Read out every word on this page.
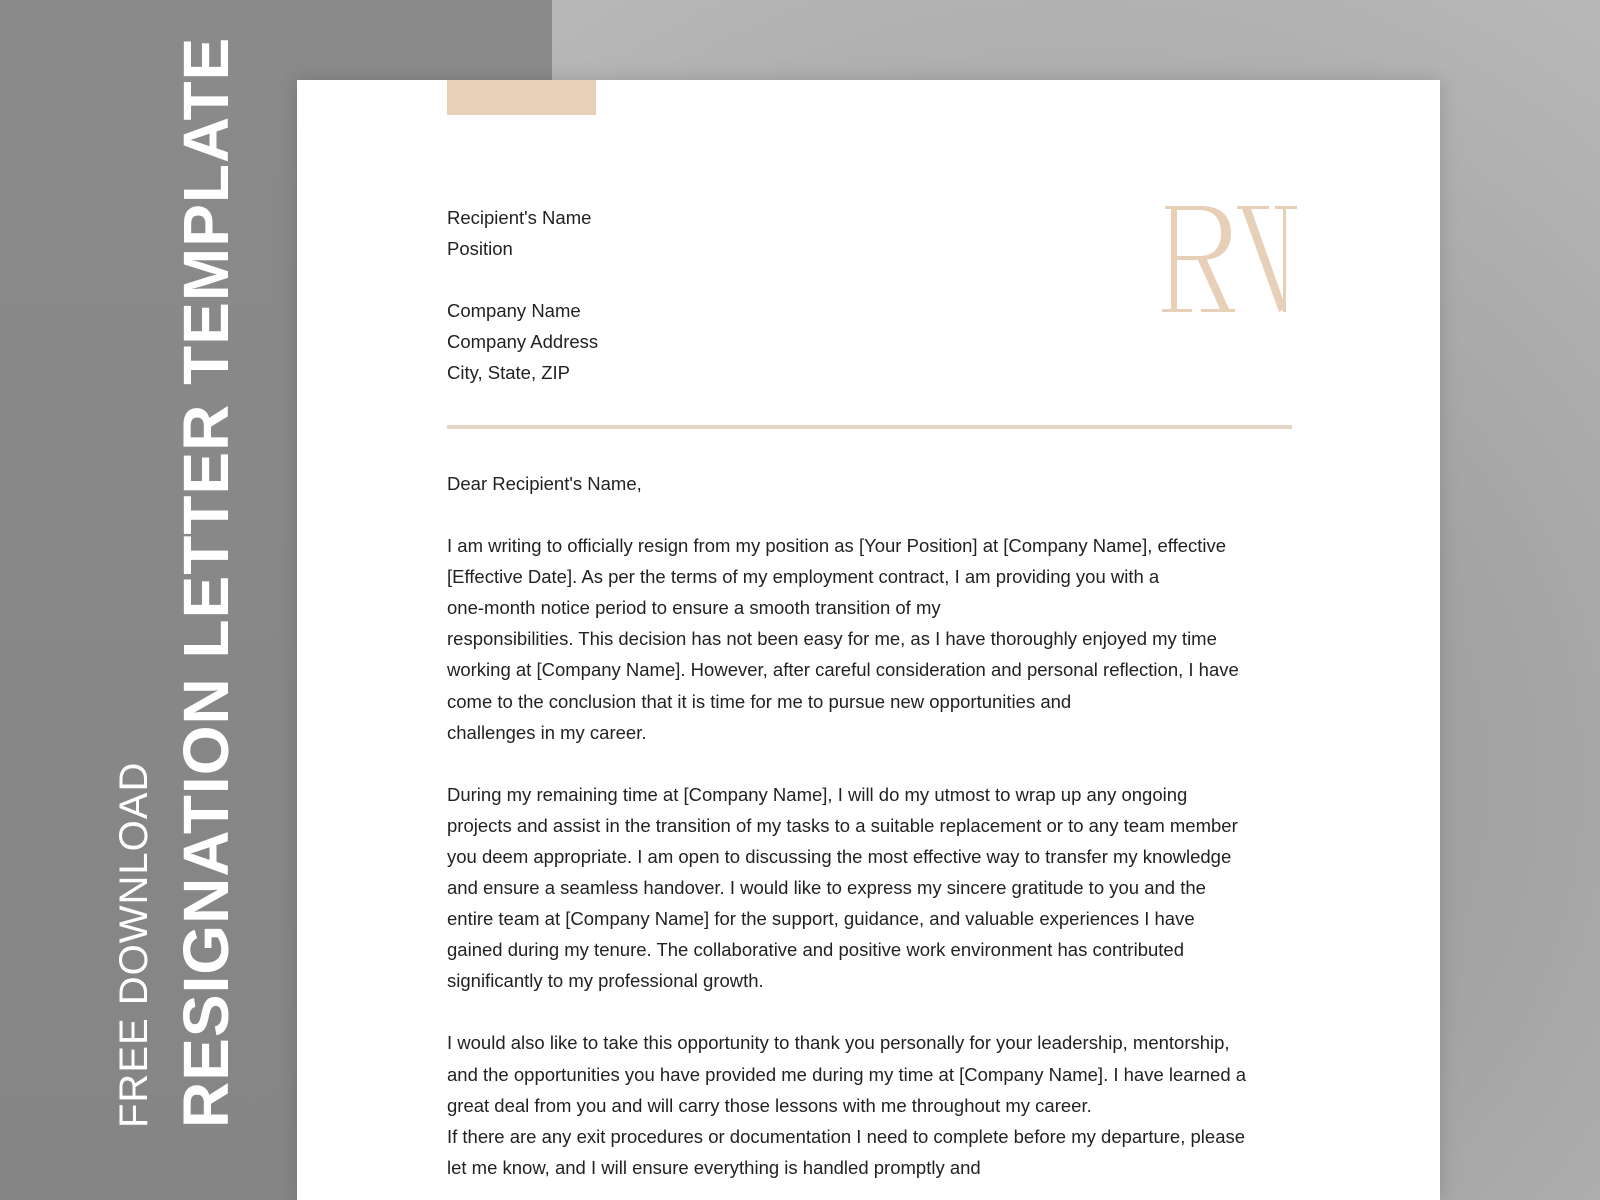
FREE DOWNLOAD RESIGNATION LETTER TEMPLATE	Recipient's Name
Position
Company Name
Company Address
City, State, ZIP
Dear Recipient's Name,
I am writing to officially resign from my position as [Your Position] at [Company Name], effective
[Effective Date]. As per the terms of my employment contract, I am providing you with a
one-month notice period to ensure a smooth transition of my
responsibilities. This decision has not been easy for me, as I have thoroughly enjoyed my time
working at [Company Name]. However, after careful consideration and personal reflection, I have
come to the conclusion that it is time for me to pursue new opportunities and
challenges in my career.
During my remaining time at [Company Name], I will do my utmost to wrap up any ongoing
projects and assist in the transition of my tasks to a suitable replacement or to any team member
you deem appropriate. I am open to discussing the most effective way to transfer my knowledge
and ensure a seamless handover. I would like to express my sincere gratitude to you and the
entire team at [Company Name] for the support, guidance, and valuable experiences I have
gained during my tenure. The collaborative and positive work environment has contributed
significantly to my professional growth.
I would also like to take this opportunity to thank you personally for your leadership, mentorship,
and the opportunities you have provided me during my time at [Company Name]. I have learned a
great deal from you and will carry those lessons with me throughout my career.
If there are any exit procedures or documentation I need to complete before my departure, please
let me know, and I will ensure everything is handled promptly and
